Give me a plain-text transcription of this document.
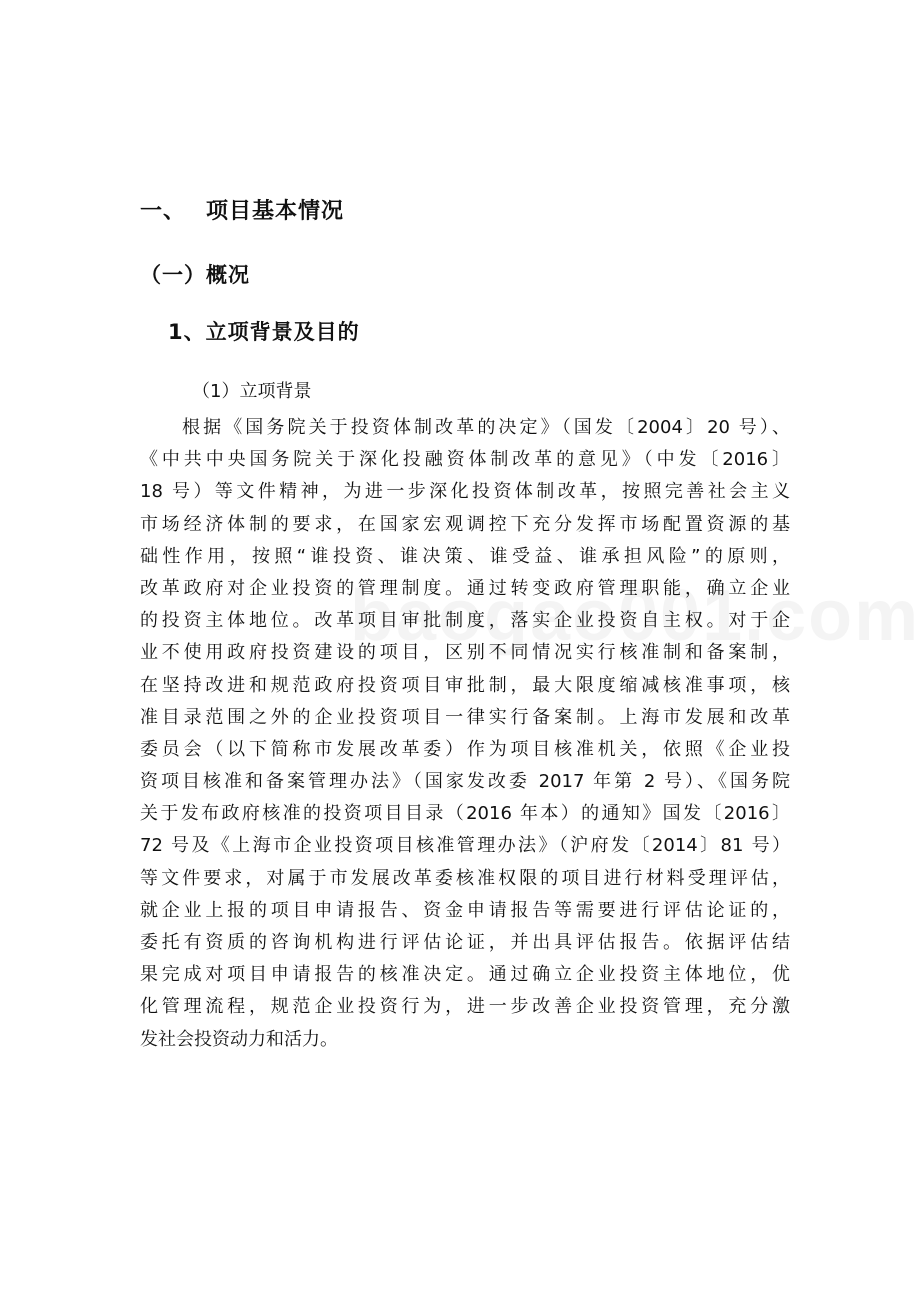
一、 项目基本情况
（一）概况
1、立项背景及目的
（1）立项背景
根据《国务院关于投资体制改革的决定》（国发〔2004〕20 号）、
《中共中央国务院关于深化投融资体制改革的意见》（中发〔2016〕
18 号）等文件精神，为进一步深化投资体制改革，按照完善社会主义
市场经济体制的要求，在国家宏观调控下充分发挥市场配置资源的基
础性作用，按照“谁投资、谁决策、谁受益、谁承担风险”的原则，
改革政府对企业投资的管理制度。通过转变政府管理职能，确立企业
的投资主体地位。改革项目审批制度，落实企业投资自主权。对于企
业不使用政府投资建设的项目，区别不同情况实行核准制和备案制，
在坚持改进和规范政府投资项目审批制，最大限度缩减核准事项，核
准目录范围之外的企业投资项目一律实行备案制。上海市发展和改革
委员会（以下简称市发展改革委）作为项目核准机关，依照《企业投
资项目核准和备案管理办法》（国家发改委 2017 年第 2 号）、《国务院
关于发布政府核准的投资项目目录（2016 年本）的通知》国发〔2016〕
72 号及《上海市企业投资项目核准管理办法》（沪府发〔2014〕81 号）
等文件要求，对属于市发展改革委核准权限的项目进行材料受理评估，
就企业上报的项目申请报告、资金申请报告等需要进行评估论证的，
委托有资质的咨询机构进行评估论证，并出具评估报告。依据评估结
果完成对项目申请报告的核准决定。通过确立企业投资主体地位，优
化管理流程，规范企业投资行为，进一步改善企业投资管理，充分激
发社会投资动力和活力。
